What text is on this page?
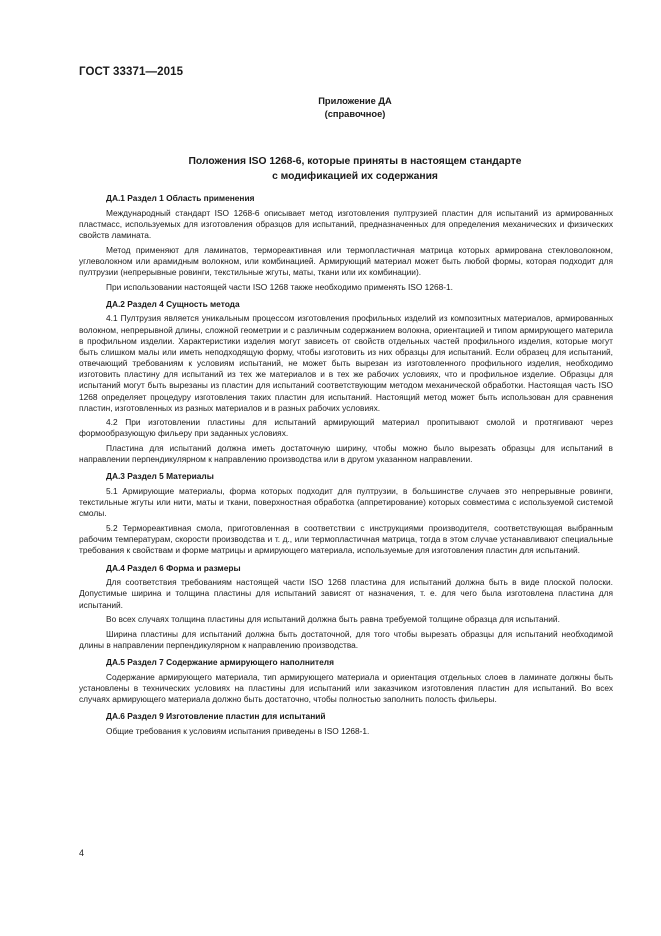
ГОСТ 33371—2015
Приложение ДА
(справочное)
Положения ISO 1268-6, которые приняты в настоящем стандарте
с модификацией их содержания
ДА.1 Раздел 1 Область применения

Международный стандарт ISO 1268-6 описывает метод изготовления пултрузией пластин для испытаний из армированных пластмасс, используемых для изготовления образцов для испытаний, предназначенных для определения механических и физических свойств ламината.

Метод применяют для ламинатов, термореактивная или термопластичная матрица которых армирована стекловолокном, углеволокном или арамидным волокном, или комбинацией. Армирующий материал может быть любой формы, которая подходит для пултрузии (непрерывные ровинги, текстильные жгуты, маты, ткани или их комбинации).

При использовании настоящей части ISO 1268 также необходимо применять ISO 1268-1.

ДА.2 Раздел 4 Сущность метода

4.1 Пултрузия является уникальным процессом изготовления профильных изделий из композитных материалов, армированных волокном, непрерывной длины, сложной геометрии и с различным содержанием волокна, ориентацией и типом армирующего материла в профильном изделии. Характеристики изделия могут зависеть от свойств отдельных частей профильного изделия, которые могут быть слишком малы или иметь неподходящую форму, чтобы изготовить из них образцы для испытаний. Если образец для испытаний, отвечающий требованиям к условиям испытаний, не может быть вырезан из изготовленного профильного изделия, необходимо изготовить пластину для испытаний из тех же материалов и в тех же рабочих условиях, что и профильное изделие. Образцы для испытаний могут быть вырезаны из пластин для испытаний соответствующим методом механической обработки. Настоящая часть ISO 1268 определяет процедуру изготовления таких пластин для испытаний. Настоящий метод может быть использован для сравнения пластин, изготовленных из разных материалов и в разных рабочих условиях.

4.2 При изготовлении пластины для испытаний армирующий материал пропитывают смолой и протягивают через формообразующую фильеру при заданных условиях.

Пластина для испытаний должна иметь достаточную ширину, чтобы можно было вырезать образцы для испытаний в направлении перпендикулярном к направлению производства или в другом указанном направлении.

ДА.3 Раздел 5 Материалы

5.1 Армирующие материалы, форма которых подходит для пултрузии, в большинстве случаев это непрерывные ровинги, текстильные жгуты или нити, маты и ткани, поверхностная обработка (аппретирование) которых совместима с используемой системой смолы.

5.2 Термореактивная смола, приготовленная в соответствии с инструкциями производителя, соответствующая выбранным рабочим температурам, скорости производства и т. д., или термопластичная матрица, тогда в этом случае устанавливают специальные требования к свойствам и форме матрицы и армирующего материала, используемые для изготовления пластин для испытаний.

ДА.4 Раздел 6 Форма и размеры

Для соответствия требованиям настоящей части ISO 1268 пластина для испытаний должна быть в виде плоской полоски. Допустимые ширина и толщина пластины для испытаний зависят от назначения, т. е. для чего была изготовлена пластина для испытаний.

Во всех случаях толщина пластины для испытаний должна быть равна требуемой толщине образца для испытаний.

Ширина пластины для испытаний должна быть достаточной, для того чтобы вырезать образцы для испытаний необходимой длины в направлении перпендикулярном к направлению производства.

ДА.5 Раздел 7 Содержание армирующего наполнителя

Содержание армирующего материала, тип армирующего материала и ориентация отдельных слоев в ламинате должны быть установлены в технических условиях на пластины для испытаний или заказчиком изготовления пластин для испытаний. Во всех случаях армирующего материала должно быть достаточно, чтобы полностью заполнить полость фильеры.

ДА.6 Раздел 9 Изготовление пластин для испытаний

Общие требования к условиям испытания приведены в ISO 1268-1.

4
